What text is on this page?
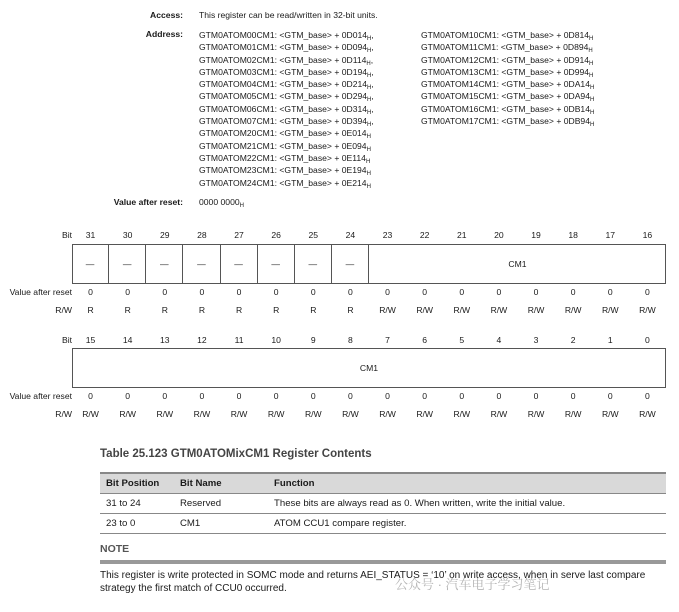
Access: This register can be read/written in 32-bit units.
Address: GTM0ATOM00CM1: <GTM_base> + $0D014_H$,
GTM0ATOM01CM1: <GTM_base> + $0D094_H$,
GTM0ATOM02CM1: <GTM_base> + $0D114_H$,
GTM0ATOM03CM1: <GTM_base> + $0D194_H$,
GTM0ATOM04CM1: <GTM_base> + $0D214_H$,
GTM0ATOM05CM1: <GTM_base> + $0D294_H$,
GTM0ATOM06CM1: <GTM_base> + $0D314_H$,
GTM0ATOM07CM1: <GTM_base> + $0D394_H$,
GTM0ATOM20CM1: <GTM_base> + $0E014_H$
GTM0ATOM21CM1: <GTM_base> + $0E094_H$
GTM0ATOM22CM1: <GTM_base> + $0E114_H$
GTM0ATOM23CM1: <GTM_base> + $0E194_H$
GTM0ATOM24CM1: <GTM_base> + $0E214_H$
GTM0ATOM10CM1: <GTM_base> + $0D814_H$
GTM0ATOM11CM1: <GTM_base> + $0D894_H$
GTM0ATOM12CM1: <GTM_base> + $0D914_H$
GTM0ATOM13CM1: <GTM_base> + $0D994_H$
GTM0ATOM14CM1: <GTM_base> + $0DA14_H$
GTM0ATOM15CM1: <GTM_base> + $0DA94_H$
GTM0ATOM16CM1: <GTM_base> + $0DB14_H$
GTM0ATOM17CM1: <GTM_base> + $0DB94_H$
Value after reset: 0000 $0000_H$
Bit	31	30	29	28	27	26	25	24	23	22	21	20	19	18	17	16
—	—	—	—	—	—	—	—	CM1
Value after reset	0	0	0	0	0	0	0	0	0	0	0	0	0	0	0	0
R/W	R	R	R	R	R	R	R	R	R/W	R/W	R/W	R/W	R/W	R/W	R/W	R/W
Bit	15	14	13	12	11	10	9	8	7	6	5	4	3	2	1	0
CM1
Value after reset	0	0	0	0	0	0	0	0	0	0	0	0	0	0	0	0
R/W	R/W	R/W	R/W	R/W	R/W	R/W	R/W	R/W	R/W	R/W	R/W	R/W	R/W	R/W	R/W	R/W
Table 25.123 GTM0ATOMixCM1 Register Contents
Bit Position	Bit Name	Function
31 to 24	Reserved	These bits are always read as 0. When written, write the initial value.
23 to 0	CM1	ATOM CCU1 compare register.
NOTE
This register is write protected in SOMC mode and returns AEI_STATUS = ‘10’ on write access, when in serve last compare strategy the first match of CCU0 occurred.	公众号 · 汽车电子学习笔记
